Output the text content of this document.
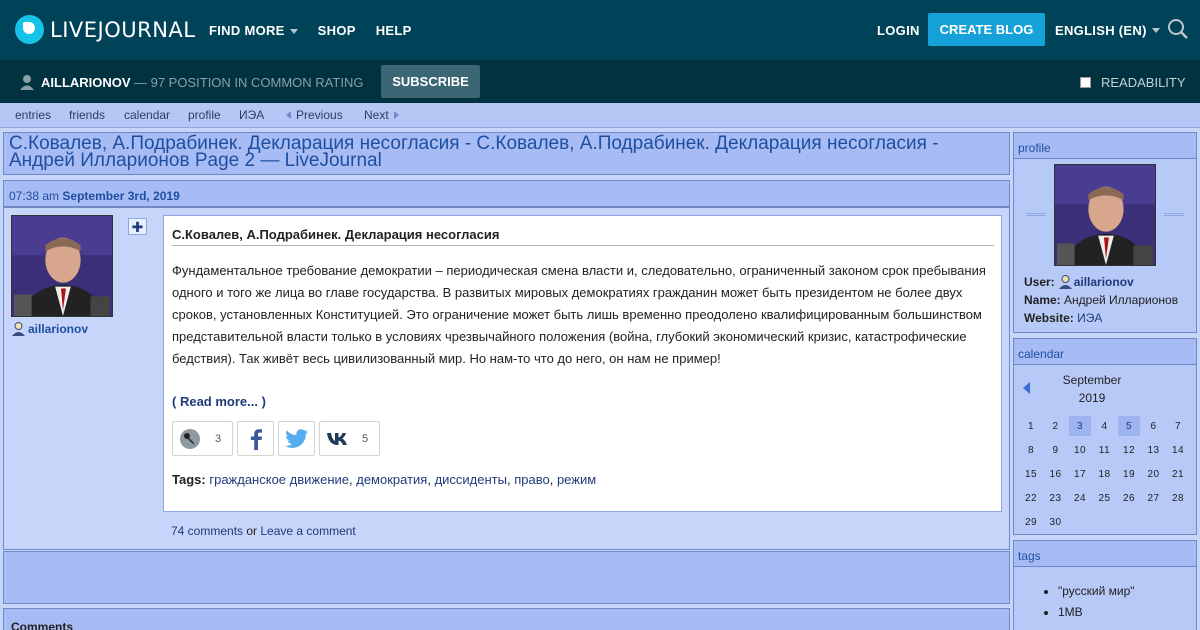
LIVEJOURNAL FIND MORE	SHOP HELP	LOGIN	CREATE BLOG	ENGLISH (EN)
AILLARIONOV — 97 POSITION IN COMMON RATING	SUBSCRIBE	READABILITY
entries friends calendar profile ИЭА	Previous Next
С.Ковалев, А.Подрабинек. Декларация несогласия - С.Ковалев, А.Подрабинек. Декларация несогласия - Андрей Илларионов Page 2 — LiveJournal
07:38 am September 3rd, 2019
aillarionov
✚ С.Ковалев, А.Подрабинек. Декларация несогласия
Фундаментальное требование демократии – периодическая смена власти и, следовательно, ограниченный законом срок пребывания одного и того же лица во главе государства. В развитых мировых демократиях гражданин может быть президентом не более двух сроков, установленных Конституцией. Это ограничение может быть лишь временно преодолено квалифицированным большинством представительной власти только в условиях чрезвычайного положения (война, глубокий экономический кризис, катастрофические бедствия). Так живёт весь цивилизованный мир. Но нам-то что до него, он нам не пример!
( Read more... )
3	5
Tags: гражданское движение, демократия, диссиденты, право, режим
74 comments or Leave a comment
Comments
profile
User: aillarionov
Name: Андрей Илларионов
Website: ИЭА
calendar
September
2019
1	2	3	4	5	6	7
8	9	10	11	12	13	14
15	16	17	18	19	20	21
22	23	24	25	26	27	28
29	30
tags
• "русский мир"
• 1MB
